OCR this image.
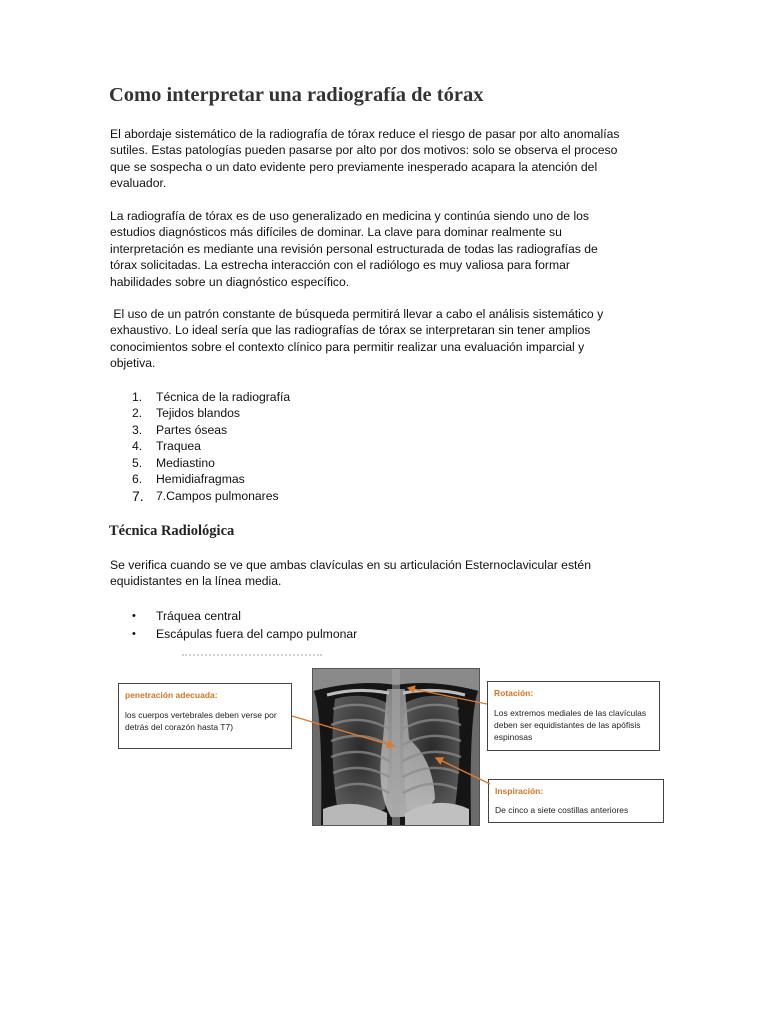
Como interpretar una radiografía de tórax

El abordaje sistemático de la radiografía de tórax reduce el riesgo de pasar por alto anomalías
sutiles. Estas patologías pueden pasarse por alto por dos motivos: solo se observa el proceso
que se sospecha o un dato evidente pero previamente inesperado acapara la atención del
evaluador.

La radiografía de tórax es de uso generalizado en medicina y continúa siendo uno de los
estudios diagnósticos más difíciles de dominar. La clave para dominar realmente su
interpretación es mediante una revisión personal estructurada de todas las radiografías de
tórax solicitadas. La estrecha interacción con el radiólogo es muy valiosa para formar
habilidades sobre un diagnóstico específico.

El uso de un patrón constante de búsqueda permitirá llevar a cabo el análisis sistemático y
exhaustivo. Lo ideal sería que las radiografías de tórax se interpretaran sin tener amplios
conocimientos sobre el contexto clínico para permitir realizar una evaluación imparcial y
objetiva.

1. Técnica de la radiografía
2. Tejidos blandos
3. Partes óseas
4. Traquea
5. Mediastino
6. Hemidiafragmas
7. 7.Campos pulmonares
Técnica Radiológica

Se verifica cuando se ve que ambas clavículas en su articulación Esternoclavicular estén
equidistantes en la línea media.

• Tráquea central
• Escápulas fuera del campo pulmonar
penetración adecuada:
los cuerpos vertebrales deben verse por detrás del corazón hasta T7)
Rotación:
Los extremos mediales de las clavículas deben ser equidistantes de las apófisis espinosas
Inspiración:
De cinco a siete costillas anteriores
